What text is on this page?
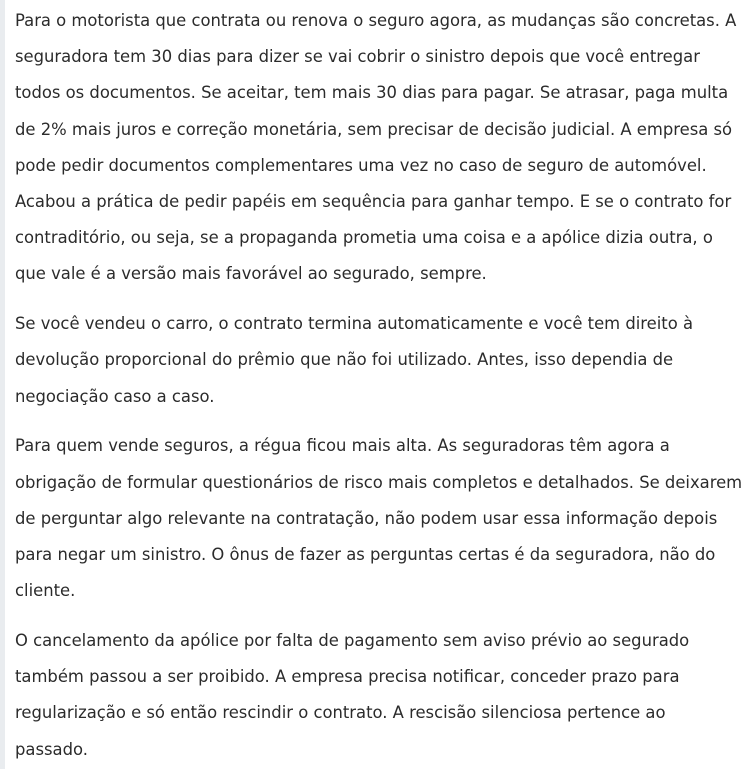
Para o motorista que contrata ou renova o seguro agora, as mudanças são concretas. A seguradora tem 30 dias para dizer se vai cobrir o sinistro depois que você entregar todos os documentos. Se aceitar, tem mais 30 dias para pagar. Se atrasar, paga multa de 2% mais juros e correção monetária, sem precisar de decisão judicial. A empresa só pode pedir documentos complementares uma vez no caso de seguro de automóvel. Acabou a prática de pedir papéis em sequência para ganhar tempo. E se o contrato for contraditório, ou seja, se a propaganda prometia uma coisa e a apólice dizia outra, o que vale é a versão mais favorável ao segurado, sempre.

Se você vendeu o carro, o contrato termina automaticamente e você tem direito à devolução proporcional do prêmio que não foi utilizado. Antes, isso dependia de negociação caso a caso.

Para quem vende seguros, a régua ficou mais alta. As seguradoras têm agora a obrigação de formular questionários de risco mais completos e detalhados. Se deixarem de perguntar algo relevante na contratação, não podem usar essa informação depois para negar um sinistro. O ônus de fazer as perguntas certas é da seguradora, não do cliente.

O cancelamento da apólice por falta de pagamento sem aviso prévio ao segurado também passou a ser proibido. A empresa precisa notificar, conceder prazo para regularização e só então rescindir o contrato. A rescisão silenciosa pertence ao passado.
